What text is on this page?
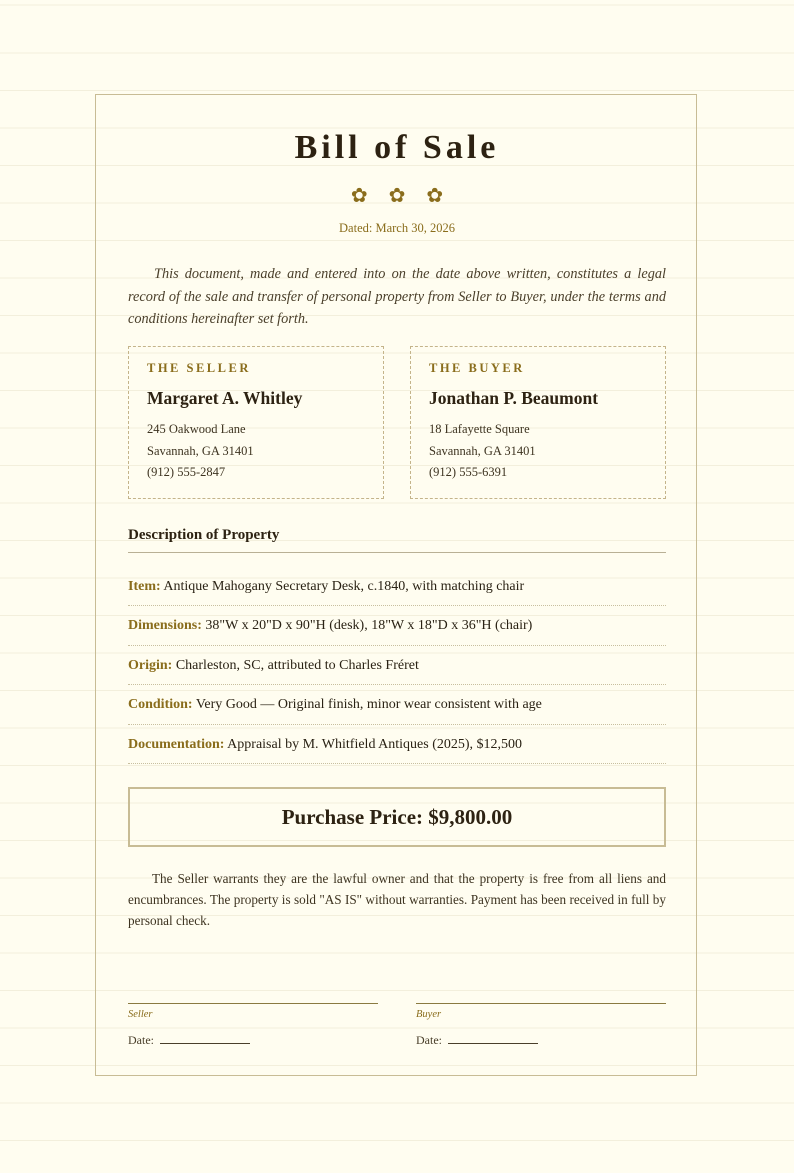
Bill of Sale
✿ ✿ ✿
Dated: March 30, 2026

This document, made and entered into on the date above written, constitutes a legal record of the sale and transfer of personal property from Seller to Buyer, under the terms and conditions hereinafter set forth.

THE SELLER
Margaret A. Whitley
245 Oakwood Lane
Savannah, GA 31401
(912) 555-2847
THE BUYER
Jonathan P. Beaumont
18 Lafayette Square
Savannah, GA 31401
(912) 555-6391
Description of Property
Item: Antique Mahogany Secretary Desk, c.1840, with matching chair
Dimensions: 38"W x 20"D x 90"H (desk), 18"W x 18"D x 36"H (chair)
Origin: Charleston, SC, attributed to Charles Fréret
Condition: Very Good — Original finish, minor wear consistent with age
Documentation: Appraisal by M. Whitfield Antiques (2025), $12,500
Purchase Price: $9,800.00

The Seller warrants they are the lawful owner and that the property is free from all liens and encumbrances. The property is sold "AS IS" without warranties. Payment has been received in full by personal check.

Seller
Date:
Buyer
Date:
